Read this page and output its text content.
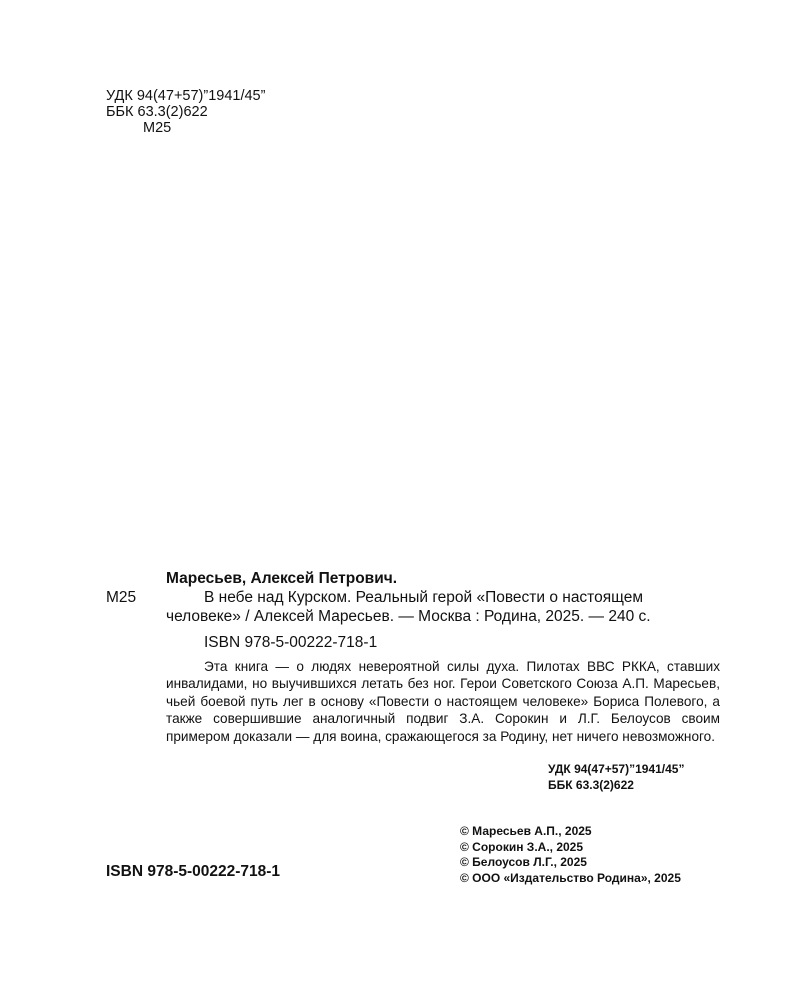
УДК 94(47+57)”1941/45”
ББК 63.3(2)622
М25
Маресьев, Алексей Петрович.
М25	В небе над Курском. Реальный герой «Повести о настоящем
человеке» / Алексей Маресьев. — Москва : Родина, 2025. — 240 с.
ISBN 978-5-00222-718-1

Эта книга — о людях невероятной силы духа. Пилотах ВВС РККА, ставших инвалидами, но выучившихся летать без ног. Герои Советского Союза А.П. Маресьев, чьей боевой путь лег в основу «Повести о настоящем человеке» Бориса Полевого, а также совершившие аналогичный подвиг З.А. Сорокин и Л.Г. Белоусов своим примером доказали — для воина, сражающегося за Родину, нет ничего невозможного.

УДК 94(47+57)”1941/45”
ББК 63.3(2)622
© Маресьев А.П., 2025
© Сорокин З.А., 2025
© Белоусов Л.Г., 2025
© ООО «Издательство Родина», 2025
ISBN 978-5-00222-718-1
